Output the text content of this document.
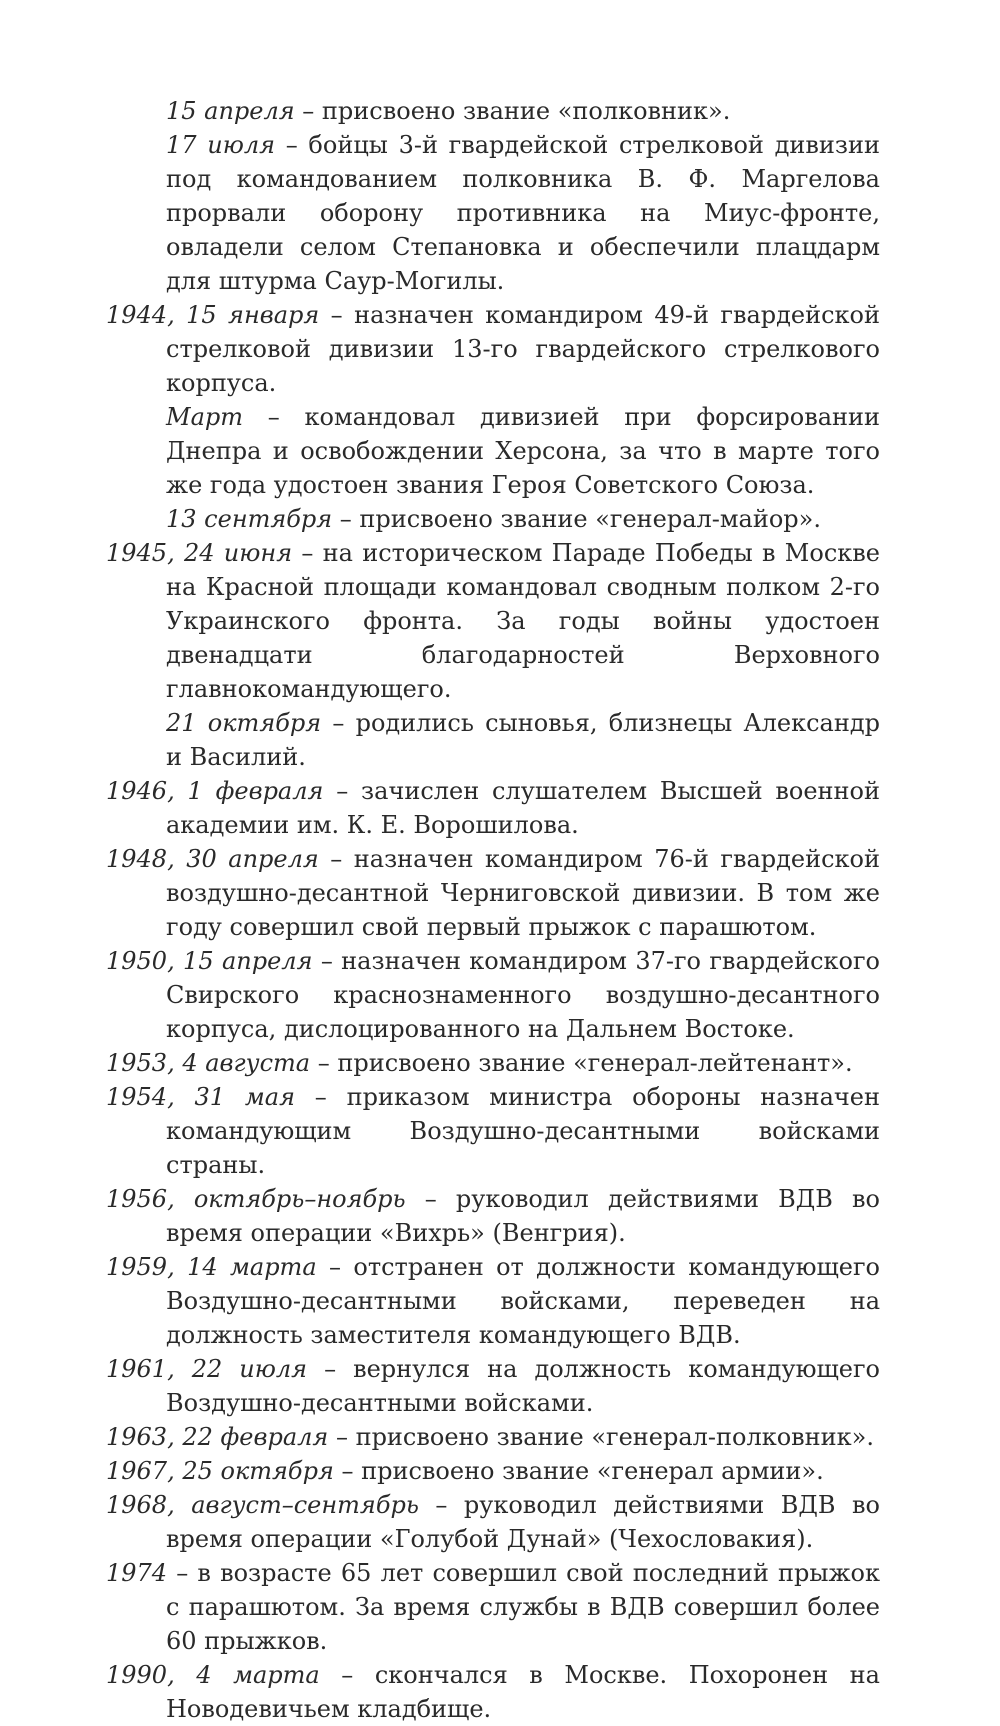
15 апреля – присвоено звание «полковник».

17 июля – бойцы 3-й гвардейской стрелковой дивизии под командованием полковника В. Ф. Маргелова прорвали оборону противника на Миус-фронте, овладели селом Степановка и обеспечили плацдарм для штурма Саур-Могилы.

1944, 15 января – назначен командиром 49-й гвардейской стрелковой дивизии 13-го гвардейского стрелкового корпуса.

Март – командовал дивизией при форсировании Днепра и освобождении Херсона, за что в марте того же года удостоен звания Героя Советского Союза.

13 сентября – присвоено звание «генерал-майор».

1945, 24 июня – на историческом Параде Победы в Москве на Красной площади командовал сводным полком 2-го Украинского фронта. За годы войны удостоен двенадцати благодарностей Верховного главнокомандующего.

21 октября – родились сыновья, близнецы Александр и Василий.

1946, 1 февраля – зачислен слушателем Высшей военной академии им. К. Е. Ворошилова.

1948, 30 апреля – назначен командиром 76-й гвардейской воздушно-десантной Черниговской дивизии. В том же году совершил свой первый прыжок с парашютом.

1950, 15 апреля – назначен командиром 37-го гвардейского Свирского краснознаменного воздушно-десантного корпуса, дислоцированного на Дальнем Востоке.

1953, 4 августа – присвоено звание «генерал-лейтенант».

1954, 31 мая – приказом министра обороны назначен командующим Воздушно-десантными войсками страны.

1956, октябрь–ноябрь – руководил действиями ВДВ во время операции «Вихрь» (Венгрия).

1959, 14 марта – отстранен от должности командующего Воздушно-десантными войсками, переведен на должность заместителя командующего ВДВ.

1961, 22 июля – вернулся на должность командующего Воздушно-десантными войсками.

1963, 22 февраля – присвоено звание «генерал-полковник».

1967, 25 октября – присвоено звание «генерал армии».

1968, август–сентябрь – руководил действиями ВДВ во время операции «Голубой Дунай» (Чехословакия).

1974 – в возрасте 65 лет совершил свой последний прыжок с парашютом. За время службы в ВДВ совершил более 60 прыжков.

1990, 4 марта – скончался в Москве. Похоронен на Новодевичьем кладбище.
